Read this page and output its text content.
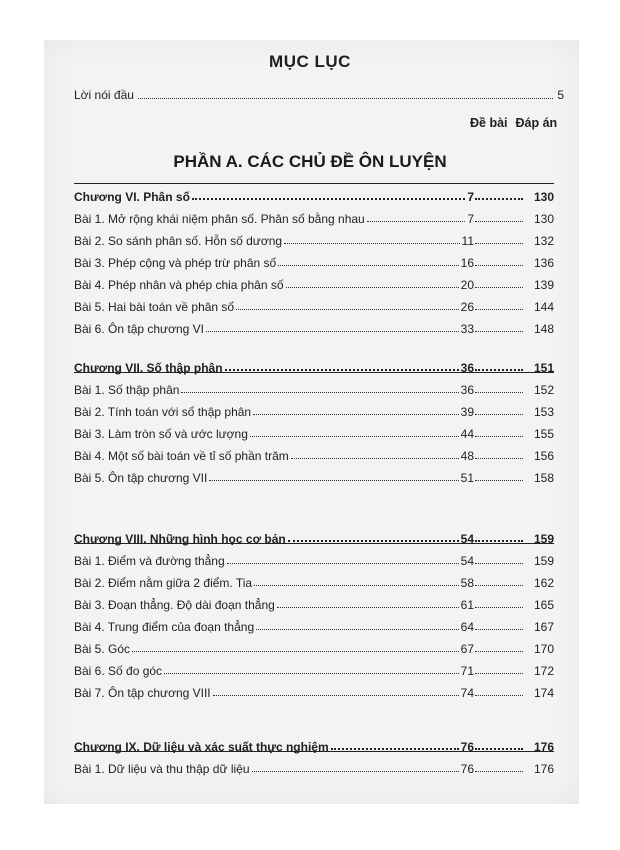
MỤC LỤC
Lời nói đầu	5
Đề bài Đáp án
PHẦN A. CÁC CHỦ ĐỀ ÔN LUYỆN
Chương VI. Phân số	7	130
Bài 1. Mở rộng khái niệm phân số. Phân số bằng nhau	7	130
Bài 2. So sánh phân số. Hỗn số dương	11	132
Bài 3. Phép cộng và phép trừ phân số	16	136
Bài 4. Phép nhân và phép chia phân số	20	139
Bài 5. Hai bài toán về phân số	26	144
Bài 6. Ôn tập chương VI	33	148
Chương VII. Số thập phân	36	151
Bài 1. Số thập phân	36	152
Bài 2. Tính toán với số thập phân	39	153
Bài 3. Làm tròn số và ước lượng	44	155
Bài 4. Một số bài toán về tỉ số phần trăm	48	156
Bài 5. Ôn tập chương VII	51	158
Chương VIII. Những hình học cơ bản	54	159
Bài 1. Điểm và đường thẳng	54	159
Bài 2. Điểm nằm giữa 2 điểm. Tia	58	162
Bài 3. Đoạn thẳng. Độ dài đoạn thẳng	61	165
Bài 4. Trung điểm của đoạn thẳng	64	167
Bài 5. Góc	67	170
Bài 6. Số đo góc	71	172
Bài 7. Ôn tập chương VIII	74	174
Chương IX. Dữ liệu và xác suất thực nghiệm	76	176
Bài 1. Dữ liệu và thu thập dữ liệu	76	176
